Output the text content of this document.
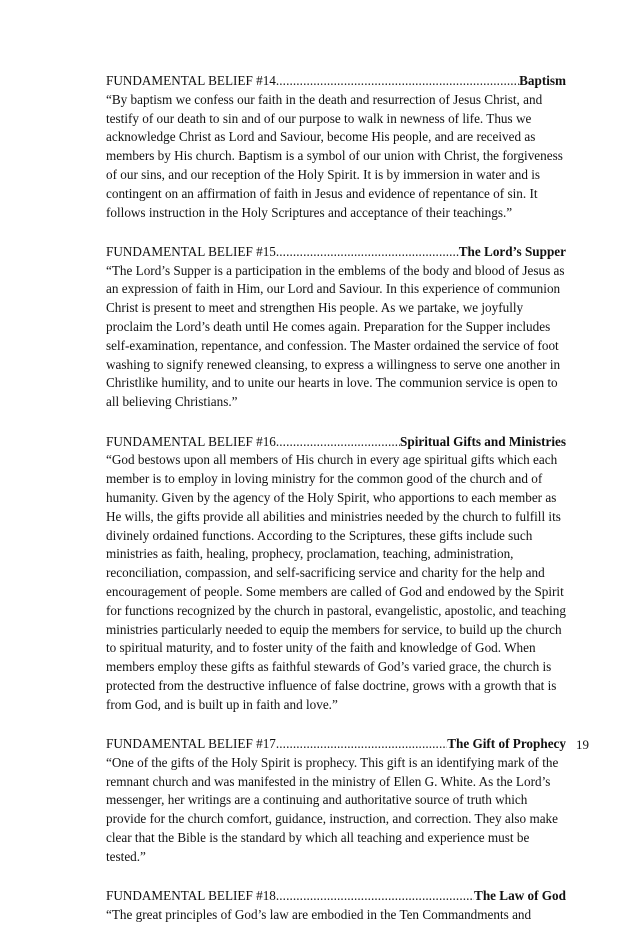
FUNDAMENTAL BELIEF #14 .....	Baptism

“By baptism we confess our faith in the death and resurrection of Jesus Christ, and testify of our death to sin and of our purpose to walk in newness of life. Thus we acknowledge Christ as Lord and Saviour, become His people, and are received as members by His church. Baptism is a symbol of our union with Christ, the forgiveness of our sins, and our reception of the Holy Spirit. It is by immersion in water and is contingent on an affirmation of faith in Jesus and evidence of repentance of sin. It follows instruction in the Holy Scriptures and acceptance of their teachings.”

FUNDAMENTAL BELIEF #15 .....	The Lord’s Supper

“The Lord’s Supper is a participation in the emblems of the body and blood of Jesus as an expression of faith in Him, our Lord and Saviour. In this experience of communion Christ is present to meet and strengthen His people. As we partake, we joyfully proclaim the Lord’s death until He comes again. Preparation for the Supper includes self-examination, repentance, and confession. The Master ordained the service of foot washing to signify renewed cleansing, to express a willingness to serve one another in Christlike humility, and to unite our hearts in love. The communion service is open to all believing Christians.”

FUNDAMENTAL BELIEF #16 .....	Spiritual Gifts and Ministries

“God bestows upon all members of His church in every age spiritual gifts which each member is to employ in loving ministry for the common good of the church and of humanity. Given by the agency of the Holy Spirit, who apportions to each member as He wills, the gifts provide all abilities and ministries needed by the church to fulfill its divinely ordained functions. According to the Scriptures, these gifts include such ministries as faith, healing, prophecy, proclamation, teaching, administration, reconciliation, compassion, and self-sacrificing service and charity for the help and encouragement of people. Some members are called of God and endowed by the Spirit for functions recognized by the church in pastoral, evangelistic, apostolic, and teaching ministries particularly needed to equip the members for service, to build up the church to spiritual maturity, and to foster unity of the faith and knowledge of God. When members employ these gifts as faithful stewards of God’s varied grace, the church is protected from the destructive influence of false doctrine, grows with a growth that is from God, and is built up in faith and love.”

FUNDAMENTAL BELIEF #17 .....	The Gift of Prophecy

“One of the gifts of the Holy Spirit is prophecy. This gift is an identifying mark of the remnant church and was manifested in the ministry of Ellen G. White. As the Lord’s messenger, her writings are a continuing and authoritative source of truth which provide for the church comfort, guidance, instruction, and correction. They also make clear that the Bible is the standard by which all teaching and experience must be tested.”

FUNDAMENTAL BELIEF #18 .....	The Law of God

“The great principles of God’s law are embodied in the Ten Commandments and

19
